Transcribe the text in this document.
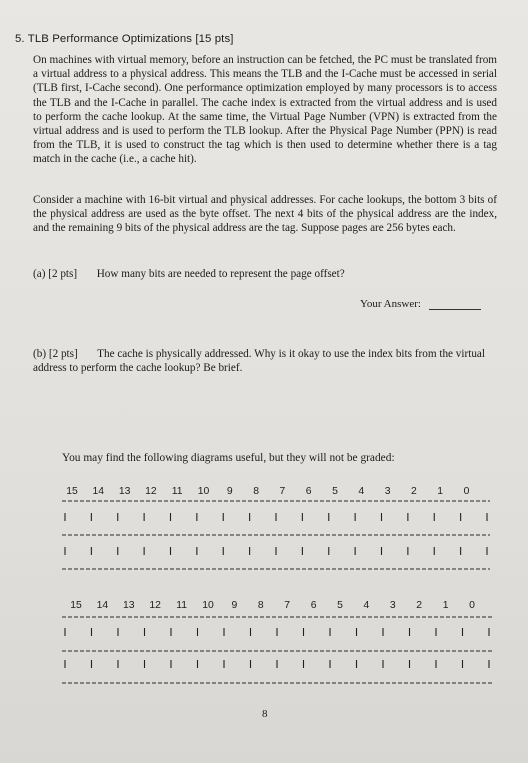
5. TLB Performance Optimizations [15 pts]
On machines with virtual memory, before an instruction can be fetched, the PC must be translated from a virtual address to a physical address. This means the TLB and the I-Cache must be accessed in serial (TLB first, I-Cache second). One performance optimization employed by many processors is to access the TLB and the I-Cache in parallel. The cache index is extracted from the virtual address and is used to perform the cache lookup. At the same time, the Virtual Page Number (VPN) is extracted from the virtual address and is used to perform the TLB lookup. After the Physical Page Number (PPN) is read from the TLB, it is used to construct the tag which is then used to determine whether there is a tag match in the cache (i.e., a cache hit).
Consider a machine with 16-bit virtual and physical addresses. For cache lookups, the bottom 3 bits of the physical address are used as the byte offset. The next 4 bits of the physical address are the index, and the remaining 9 bits of the physical address are the tag. Suppose pages are 256 bytes each.
(a) [2 pts] How many bits are needed to represent the page offset?
Your Answer:
(b) [2 pts] The cache is physically addressed. Why is it okay to use the index bits from the virtual address to perform the cache lookup? Be brief.
You may find the following diagrams useful, but they will not be graded:
15 14 13 12 11 10 9 8 7 6 5 4 3 2 1 0
15 14 13 12 11 10 9 8 7 6 5 4 3 2 1 0
8
